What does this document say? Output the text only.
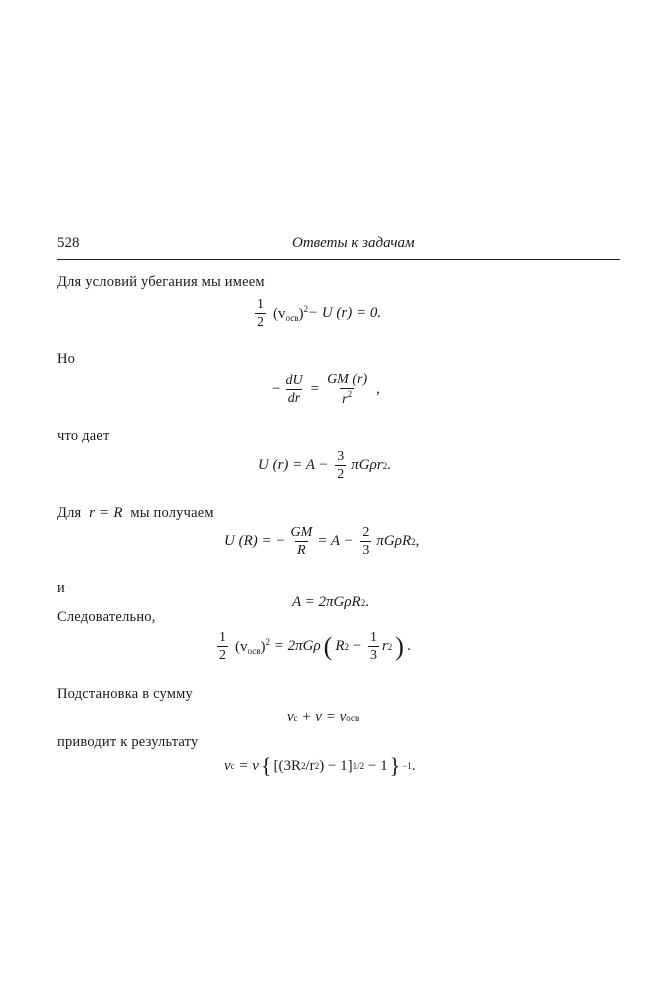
528	Ответы к задачам
Для условий убегания мы имеем
$\frac{1}{2} (v_{осв})^2 - U$ (r) = 0.
Но
− $\frac{dU}{dr} = \frac{GM (r)}{r^2}$ ,
что дает
U $(r) = A - \frac{3}{2}$ πGρr 2 .
Для r = R мы получаем
U (R) = − $\frac{GM}{R} = A - \frac{2}{3}$ πGρR 2 ,
и
A = 2πGρR 2 .
Следовательно,
$\frac{1}{2} (v_{осв})^2 = 2\pi G\rho$ ( R $2 - \frac{1}{3}$ r 2 ) .
Подстановка в сумму
v c + v = v осв
приводит к результату
v c = v { [(3R 2 /r 2 ) − 1] 1/2 − 1 } −1 .
